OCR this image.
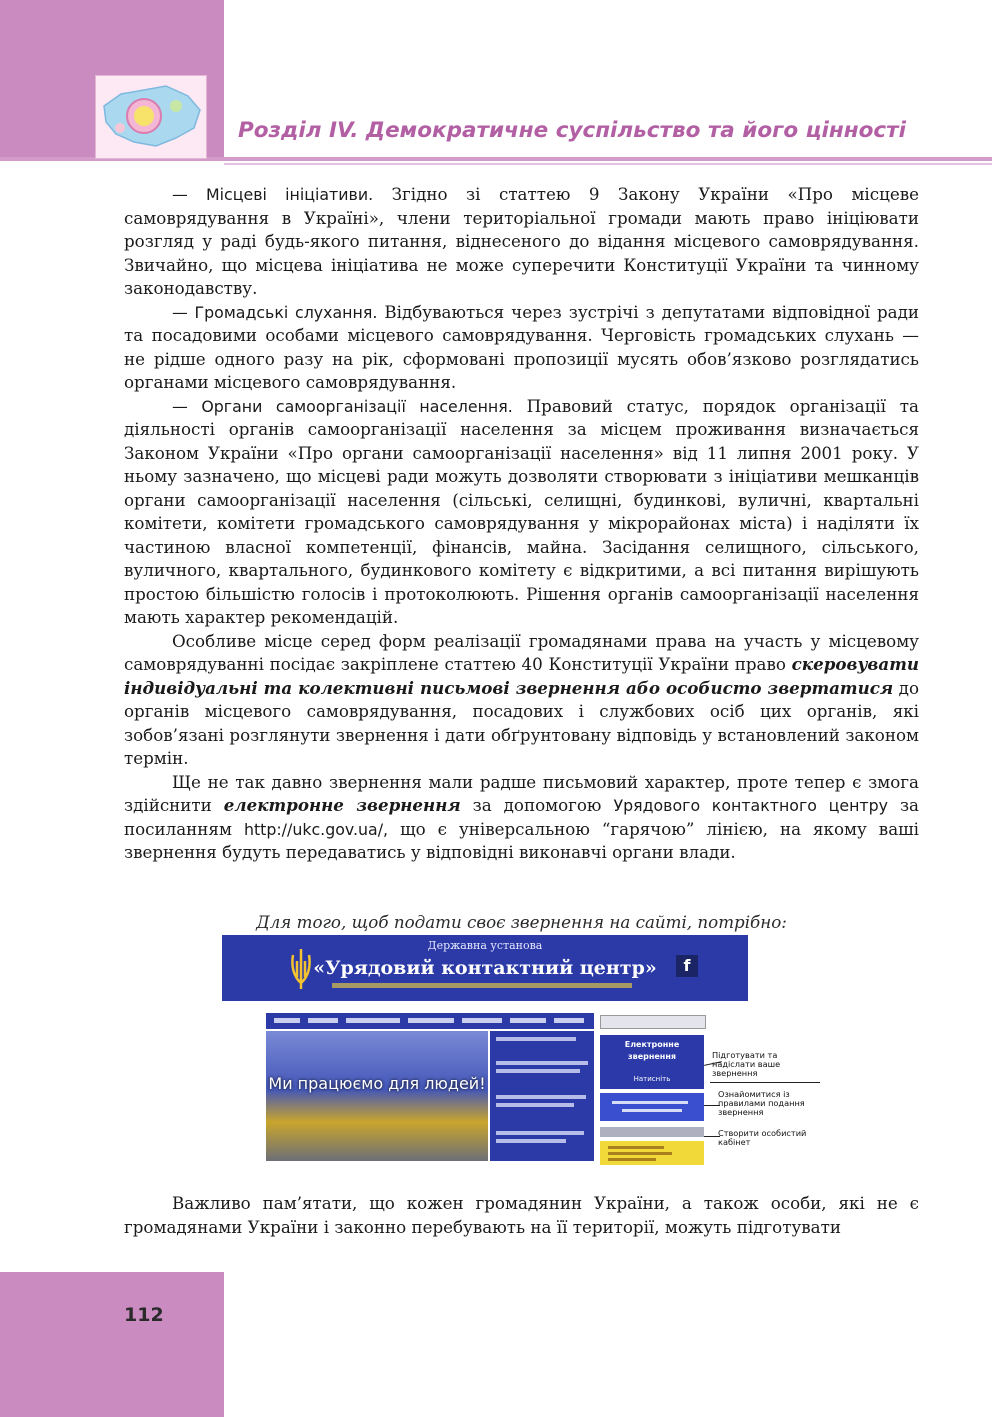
Розділ IV. Демократичне суспільство та його цінності

— Місцеві ініціативи. Згідно зі статтею 9 Закону України «Про місцеве самоврядування в Україні», члени територіальної громади мають право ініціювати розгляд у раді будь-якого питання, віднесеного до відання місцевого самоврядування. Звичайно, що місцева ініціатива не може суперечити Конституції України та чинному законодавству.

— Громадські слухання. Відбуваються через зустрічі з депутатами відповідної ради та посадовими особами місцевого самоврядування. Черговість громадських слухань — не рідше одного разу на рік, сформовані пропозиції мусять обов’язково розглядатись органами місцевого самоврядування.

— Органи самоорганізації населення. Правовий статус, порядок організації та діяльності органів самоорганізації населення за місцем проживання визначається Законом України «Про органи самоорганізації населення» від 11 липня 2001 року. У ньому зазначено, що місцеві ради можуть дозволяти створювати з ініціативи мешканців органи самоорганізації населення (сільські, селищні, будинкові, вуличні, квартальні комітети, комітети громадського самоврядування у мікрорайонах міста) і наділяти їх частиною власної компетенції, фінансів, майна. Засідання селищного, сільського, вуличного, квартального, будинкового комітету є відкритими, а всі питання вирішують простою більшістю голосів і протоколюють. Рішення органів самоорганізації населення мають характер рекомендацій.

Особливе місце серед форм реалізації громадянами права на участь у місцевому самоврядуванні посідає закріплене статтею 40 Конституції України право скеровувати індивідуальні та колективні письмові звернення або особисто звертатися до органів місцевого самоврядування, посадових і службових осіб цих органів, які зобов’язані розглянути звернення і дати обґрунтовану відповідь у встановлений законом термін.

Ще не так давно звернення мали радше письмовий характер, проте тепер є змога здійснити електронне звернення за допомогою Урядового контактного центру за посиланням http://ukc.gov.ua/, що є універсальною “гарячою” лінією, на якому ваші звернення будуть передаватись у відповідні виконавчі органи влади.

Для того, щоб подати своє звернення на сайті, потрібно:
Державна установа
«Урядовий контактний центр»	f
Ми працюємо для людей!
Електронне звернення
Натисніть
Підготувати та надіслати ваше звернення
Ознайомитися із правилами подання звернення
Створити особистий кабінет

Важливо пам’ятати, що кожен громадянин України, а також особи, які не є громадянами України і законно перебувають на її території, можуть підготувати

112
